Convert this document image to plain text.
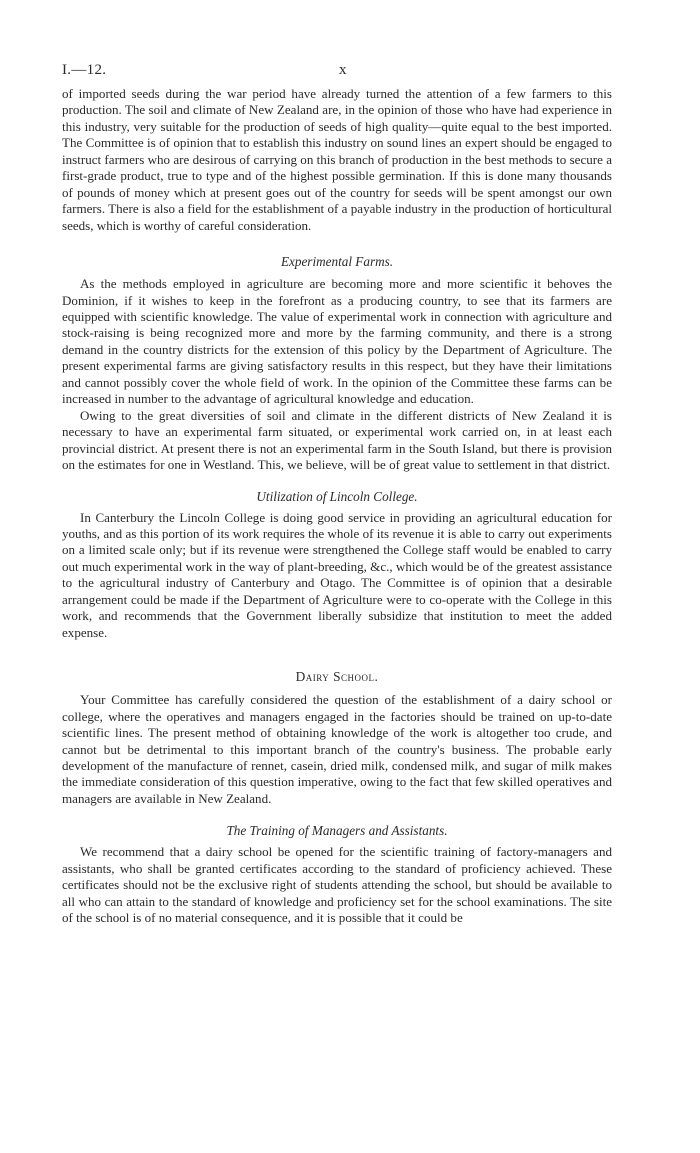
I.—12.	x

of imported seeds during the war period have already turned the attention of a few farmers to this production. The soil and climate of New Zealand are, in the opinion of those who have had experience in this industry, very suitable for the production of seeds of high quality—quite equal to the best imported. The Committee is of opinion that to establish this industry on sound lines an expert should be engaged to instruct farmers who are desirous of carrying on this branch of production in the best methods to secure a first-grade product, true to type and of the highest possible germination. If this is done many thousands of pounds of money which at present goes out of the country for seeds will be spent amongst our own farmers. There is also a field for the establishment of a payable industry in the production of horticultural seeds, which is worthy of careful consideration.

Experimental Farms.

As the methods employed in agriculture are becoming more and more scientific it behoves the Dominion, if it wishes to keep in the forefront as a producing country, to see that its farmers are equipped with scientific knowledge. The value of experimental work in connection with agriculture and stock-raising is being recognized more and more by the farming community, and there is a strong demand in the country districts for the extension of this policy by the Department of Agriculture. The present experimental farms are giving satisfactory results in this respect, but they have their limitations and cannot possibly cover the whole field of work. In the opinion of the Committee these farms can be increased in number to the advantage of agricultural knowledge and education.

Owing to the great diversities of soil and climate in the different districts of New Zealand it is necessary to have an experimental farm situated, or experimental work carried on, in at least each provincial district. At present there is not an experimental farm in the South Island, but there is provision on the estimates for one in Westland. This, we believe, will be of great value to settlement in that district.

Utilization of Lincoln College.

In Canterbury the Lincoln College is doing good service in providing an agricultural education for youths, and as this portion of its work requires the whole of its revenue it is able to carry out experiments on a limited scale only; but if its revenue were strengthened the College staff would be enabled to carry out much experimental work in the way of plant-breeding, &c., which would be of the greatest assistance to the agricultural industry of Canterbury and Otago. The Committee is of opinion that a desirable arrangement could be made if the Department of Agriculture were to co-operate with the College in this work, and recommends that the Government liberally subsidize that institution to meet the added expense.

Dairy School.

Your Committee has carefully considered the question of the establishment of a dairy school or college, where the operatives and managers engaged in the factories should be trained on up-to-date scientific lines. The present method of obtaining knowledge of the work is altogether too crude, and cannot but be detrimental to this important branch of the country's business. The probable early development of the manufacture of rennet, casein, dried milk, condensed milk, and sugar of milk makes the immediate consideration of this question imperative, owing to the fact that few skilled operatives and managers are available in New Zealand.

The Training of Managers and Assistants.

We recommend that a dairy school be opened for the scientific training of factory-managers and assistants, who shall be granted certificates according to the standard of proficiency achieved. These certificates should not be the exclusive right of students attending the school, but should be available to all who can attain to the standard of knowledge and proficiency set for the school examinations. The site of the school is of no material consequence, and it is possible that it could be
